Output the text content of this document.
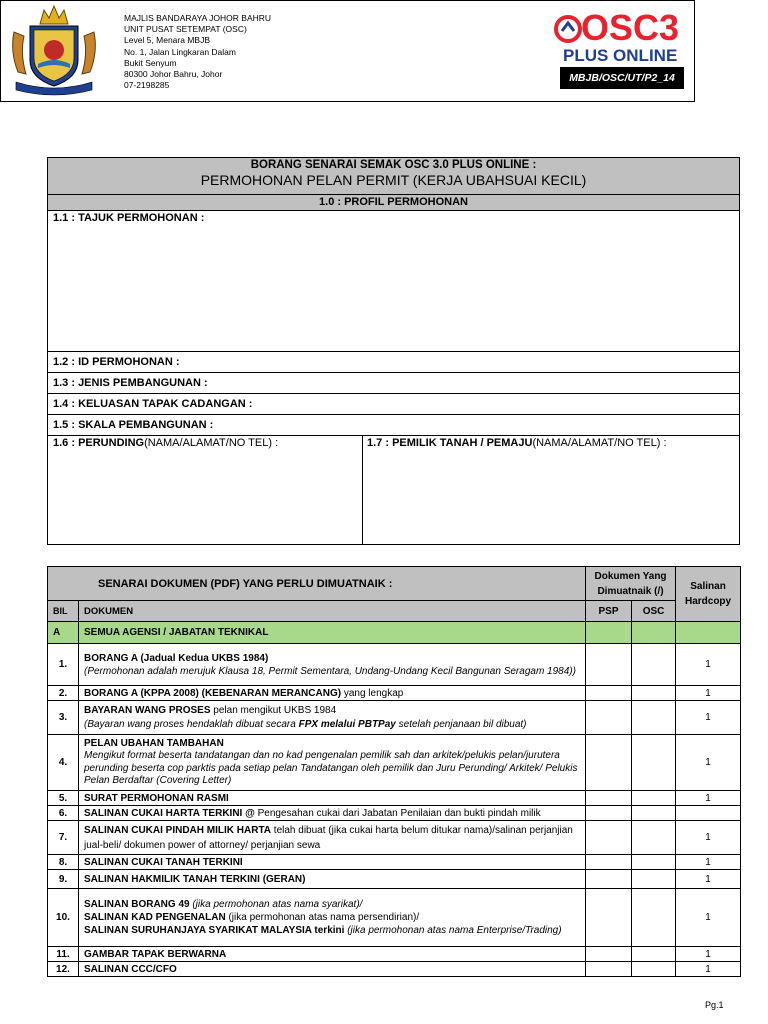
MAJLIS BANDARAYA JOHOR BAHRU
UNIT PUSAT SETEMPAT (OSC)
Level 5, Menara MBJB
No. 1, Jalan Lingkaran Dalam
Bukit Senyum
80300 Johor Bahru, Johor
07-2198285
OSC3
PLUS ONLINE
MBJB/OSC/UT/P2_14
BORANG SENARAI SEMAK OSC 3.0 PLUS ONLINE :
PERMOHONAN PELAN PERMIT (KERJA UBAHSUAI KECIL)
1.0 : PROFIL PERMOHONAN
1.1 : TAJUK PERMOHONAN :
1.2 : ID PERMOHONAN :
1.3 : JENIS PEMBANGUNAN :
1.4 : KELUASAN TAPAK CADANGAN :
1.5 : SKALA PEMBANGUNAN :
1.6 : PERUNDING(NAMA/ALAMAT/NO TEL) :	1.7 : PEMILIK TANAH / PEMAJU(NAMA/ALAMAT/NO TEL) :
SENARAI DOKUMEN (PDF) YANG PERLU DIMUATNAIK :		Dokumen Yang Dimuatnaik (/)		Salinan Hardcopy
BIL	DOKUMEN	PSP	OSC	
A	SEMUA AGENSI / JABATAN TEKNIKAL			
1.	BORANG A (Jadual Kedua UKBS 1984)
(Permohonan adalah merujuk Klausa 18, Permit Sementara, Undang-Undang Kecil Bangunan Seragam 1984))			1
2.	BORANG A (KPPA 2008) (KEBENARAN MERANCANG) yang lengkap			1
3.	BAYARAN WANG PROSES pelan mengikut UKBS 1984
(Bayaran wang proses hendaklah dibuat secara FPX melalui PBTPay setelah penjanaan bil dibuat)			1
4.	PELAN UBAHAN TAMBAHAN
Mengikut format beserta tandatangan dan no kad pengenalan pemilik sah dan arkitek/pelukis pelan/jurutera perunding beserta cop parktis pada setiap pelan Tandatangan oleh pemilik dan Juru Perunding/ Arkitek/ Pelukis Pelan Berdaftar (Covering Letter)			1
5.	SURAT PERMOHONAN RASMI			1
6.	SALINAN CUKAI HARTA TERKINI @ Pengesahan cukai dari Jabatan Penilaian dan bukti pindah milik			
7.	SALINAN CUKAI PINDAH MILIK HARTA telah dibuat (jika cukai harta belum ditukar nama)/salinan perjanjian jual-beli/ dokumen power of attorney/ perjanjian sewa			1
8.	SALINAN CUKAI TANAH TERKINI			1
9.	SALINAN HAKMILIK TANAH TERKINI (GERAN)			1
10.	SALINAN BORANG 49 (jika permohonan atas nama syarikat)/
SALINAN KAD PENGENALAN (jika permohonan atas nama persendirian)/
SALINAN SURUHANJAYA SYARIKAT MALAYSIA terkini (jika permohonan atas nama Enterprise/Trading)			1
11.	GAMBAR TAPAK BERWARNA			1
12.	SALINAN CCC/CFO			1
Pg.1
